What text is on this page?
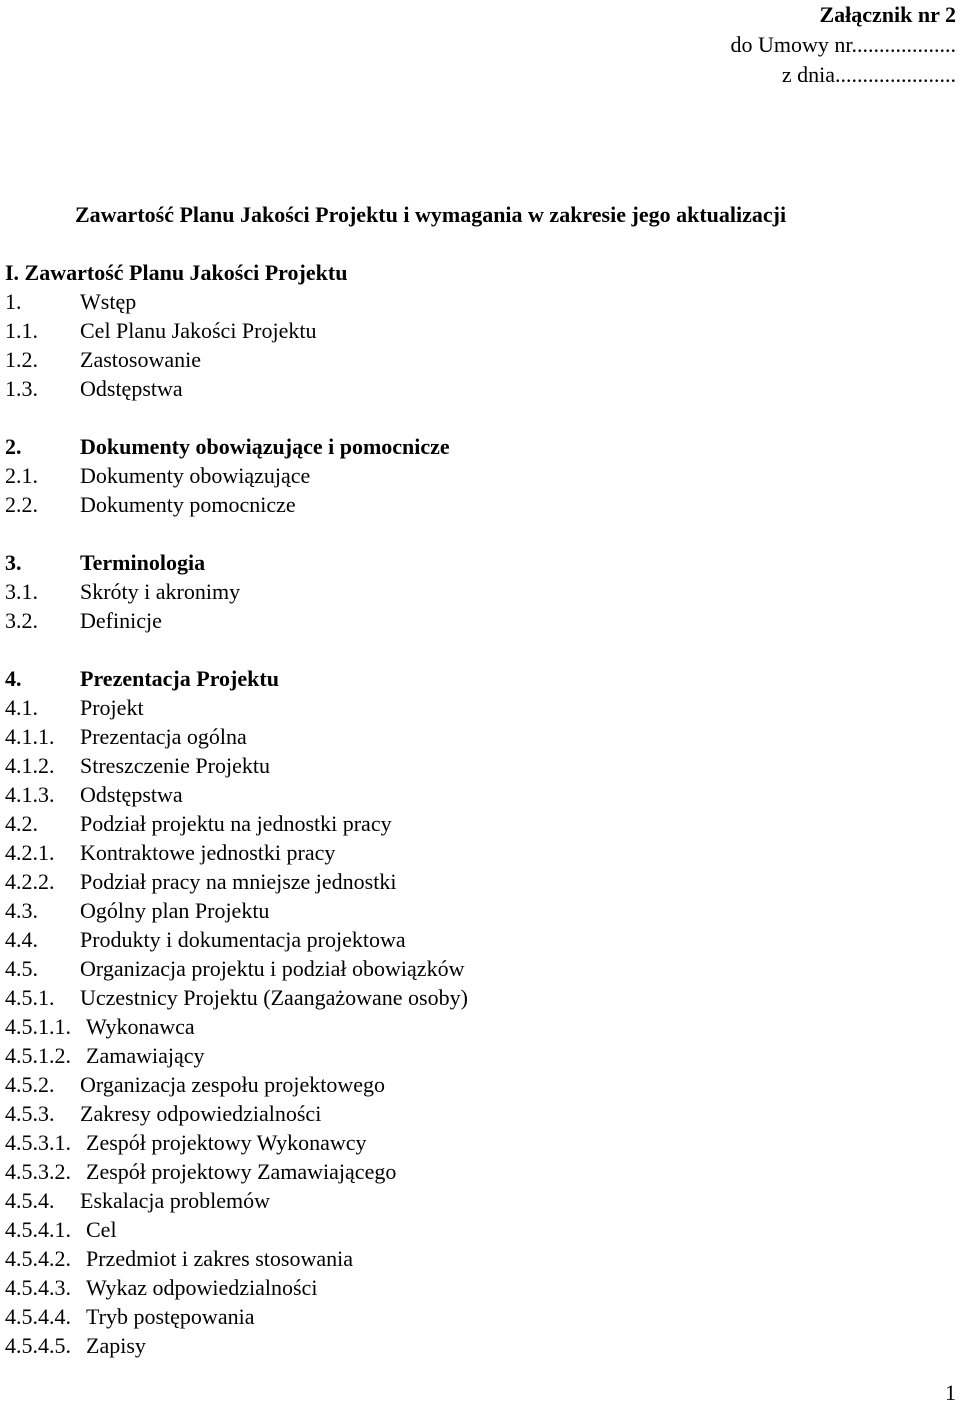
Załącznik nr 2
do Umowy nr...................
z dnia......................
Zawartość Planu Jakości Projektu i wymagania w zakresie jego aktualizacji
I. Zawartość Planu Jakości Projektu
1.	Wstęp
1.1. Cel Planu Jakości Projektu
1.2. Zastosowanie
1.3. Odstępstwa
2.	Dokumenty obowiązujące i pomocnicze
2.1. Dokumenty obowiązujące
2.2. Dokumenty pomocnicze
3.	Terminologia
3.1. Skróty i akronimy
3.2. Definicje
4.	Prezentacja Projektu
4.1. Projekt
4.1.1. Prezentacja ogólna
4.1.2. Streszczenie Projektu
4.1.3. Odstępstwa
4.2. Podział projektu na jednostki pracy
4.2.1. Kontraktowe jednostki pracy
4.2.2. Podział pracy na mniejsze jednostki
4.3. Ogólny plan Projektu
4.4. Produkty i dokumentacja projektowa
4.5. Organizacja projektu i podział obowiązków
4.5.1. Uczestnicy Projektu (Zaangażowane osoby)
4.5.1.1. Wykonawca
4.5.1.2. Zamawiający
4.5.2. Organizacja zespołu projektowego
4.5.3. Zakresy odpowiedzialności
4.5.3.1. Zespół projektowy Wykonawcy
4.5.3.2. Zespół projektowy Zamawiającego
4.5.4. Eskalacja problemów
4.5.4.1. Cel
4.5.4.2. Przedmiot i zakres stosowania
4.5.4.3. Wykaz odpowiedzialności
4.5.4.4. Tryb postępowania
4.5.4.5. Zapisy
1
